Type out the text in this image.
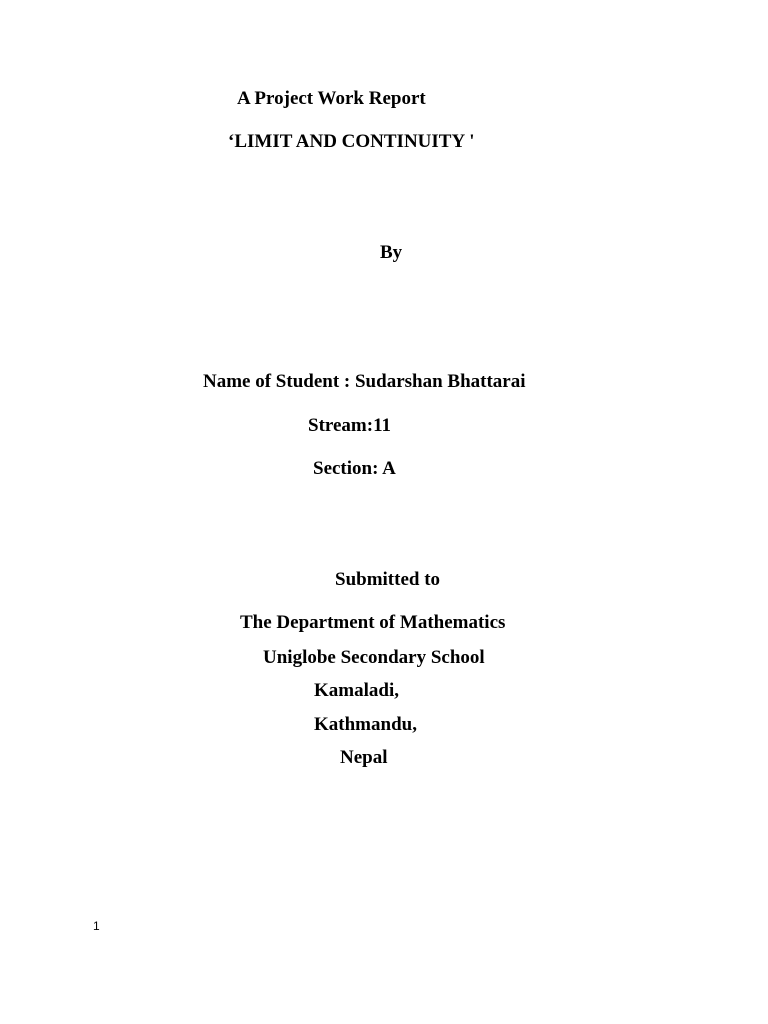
A Project Work Report
‘LIMIT AND CONTINUITY '
By
Name of Student : Sudarshan Bhattarai
Stream:11
Section: A
Submitted to
The Department of Mathematics
Uniglobe Secondary School
Kamaladi,
Kathmandu,
Nepal
1
